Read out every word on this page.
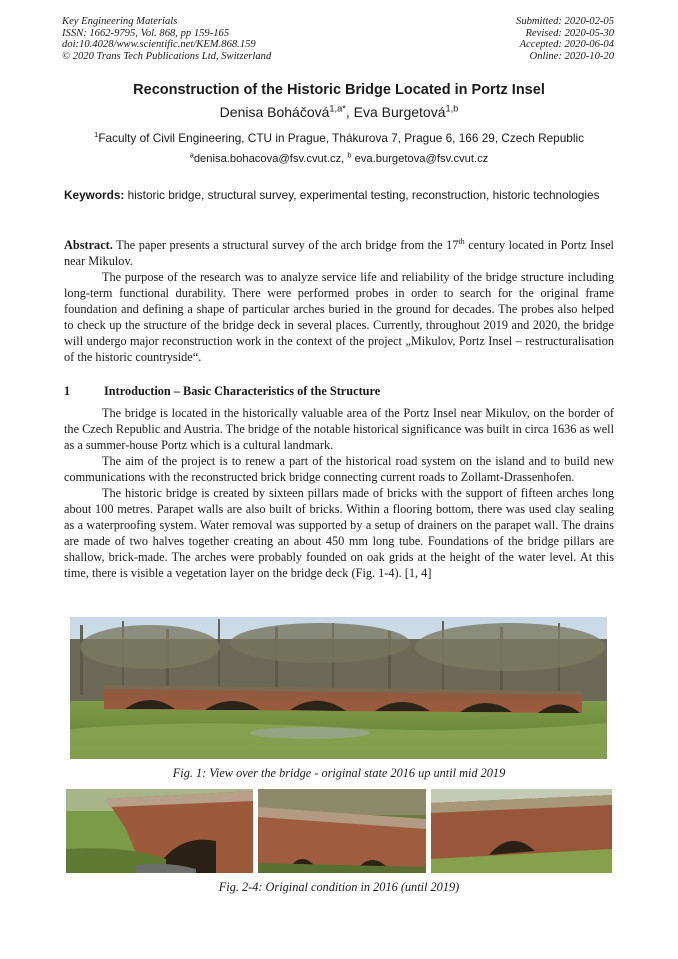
Key Engineering Materials
ISSN: 1662-9795, Vol. 868, pp 159-165
doi:10.4028/www.scientific.net/KEM.868.159
© 2020 Trans Tech Publications Ltd, Switzerland
Submitted: 2020-02-05
Revised: 2020-05-30
Accepted: 2020-06-04
Online: 2020-10-20
Reconstruction of the Historic Bridge Located in Portz Insel
Denisa Boháčová$^{1,a*}$, Eva Burgetová$^{1,b}$
$^1$Faculty of Civil Engineering, CTU in Prague, Thákurova 7, Prague 6, 166 29, Czech Republic
$^a$denisa.bohacova@fsv.cvut.cz, $^b$ eva.burgetova@fsv.cvut.cz
Keywords: historic bridge, structural survey, experimental testing, reconstruction, historic technologies

Abstract. The paper presents a structural survey of the arch bridge from the 17th century located in Portz Insel near Mikulov.

The purpose of the research was to analyze service life and reliability of the bridge structure including long-term functional durability. There were performed probes in order to search for the original frame foundation and defining a shape of particular arches buried in the ground for decades. The probes also helped to check up the structure of the bridge deck in several places. Currently, throughout 2019 and 2020, the bridge will undergo major reconstruction work in the context of the project „Mikulov, Portz Insel – restructuralisation of the historic countryside“.

1	Introduction – Basic Characteristics of the Structure

The bridge is located in the historically valuable area of the Portz Insel near Mikulov, on the border of the Czech Republic and Austria. The bridge of the notable historical significance was built in circa 1636 as well as a summer-house Portz which is a cultural landmark.

The aim of the project is to renew a part of the historical road system on the island and to build new communications with the reconstructed brick bridge connecting current roads to Zollamt-Drassenhofen.

The historic bridge is created by sixteen pillars made of bricks with the support of fifteen arches long about 100 metres. Parapet walls are also built of bricks. Within a flooring bottom, there was used clay sealing as a waterproofing system. Water removal was supported by a setup of drainers on the parapet wall. The drains are made of two halves together creating an about 450 mm long tube. Foundations of the bridge pillars are shallow, brick-made. The arches were probably founded on oak grids at the height of the water level. At this time, there is visible a vegetation layer on the bridge deck (Fig. 1-4). [1, 4]

Fig. 1: View over the bridge - original state 2016 up until mid 2019
Fig. 2-4: Original condition in 2016 (until 2019)
